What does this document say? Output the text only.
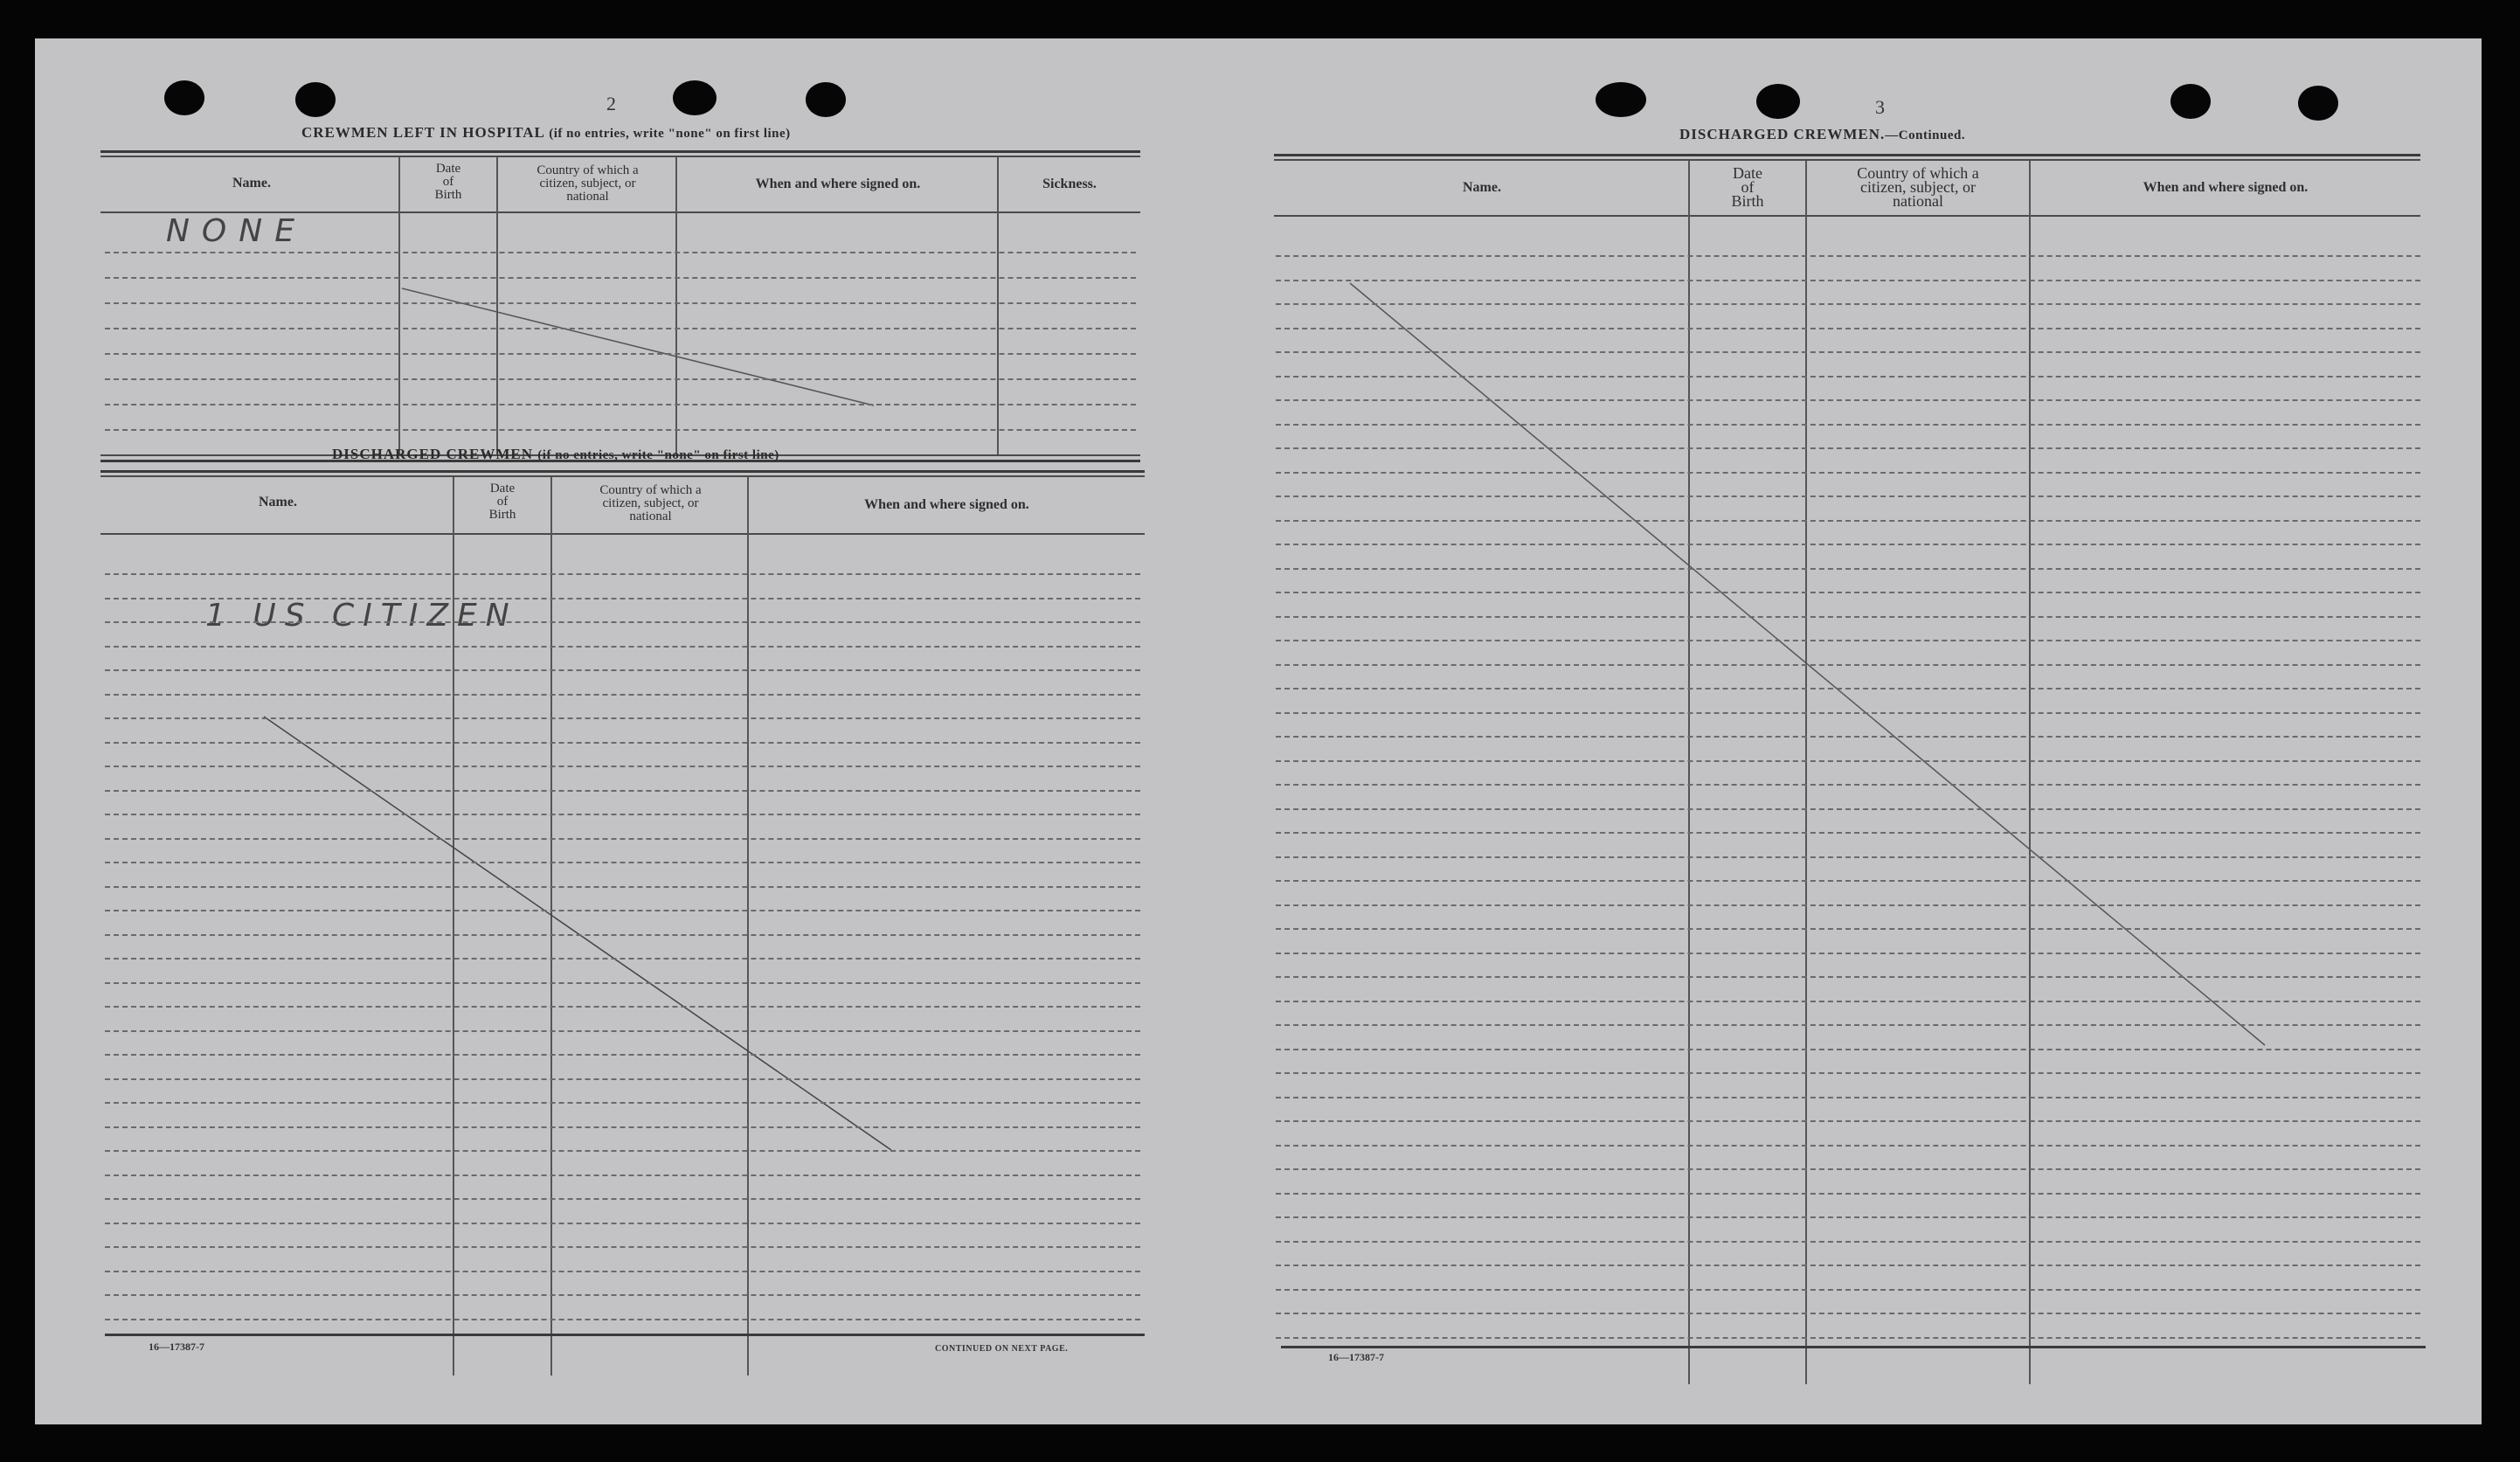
2
CREWMEN LEFT IN HOSPITAL (if no entries, write "none" on first line)
Name.
Date
of
Birth
Country of which a
citizen, subject, or
national
When and where signed on.	Sickness.
NONE
DISCHARGED CREWMEN (if no entries, write "none" on first line)
Name.
Date
of
Birth
Country of which a
citizen, subject, or
national
When and where signed on.
1 US CITIZEN
16—17387-7	CONTINUED ON NEXT PAGE.
3
DISCHARGED CREWMEN.—Continued.
Name.
Date
of
Birth
Country of which a
citizen, subject, or
national
When and where signed on.
16—17387-7
